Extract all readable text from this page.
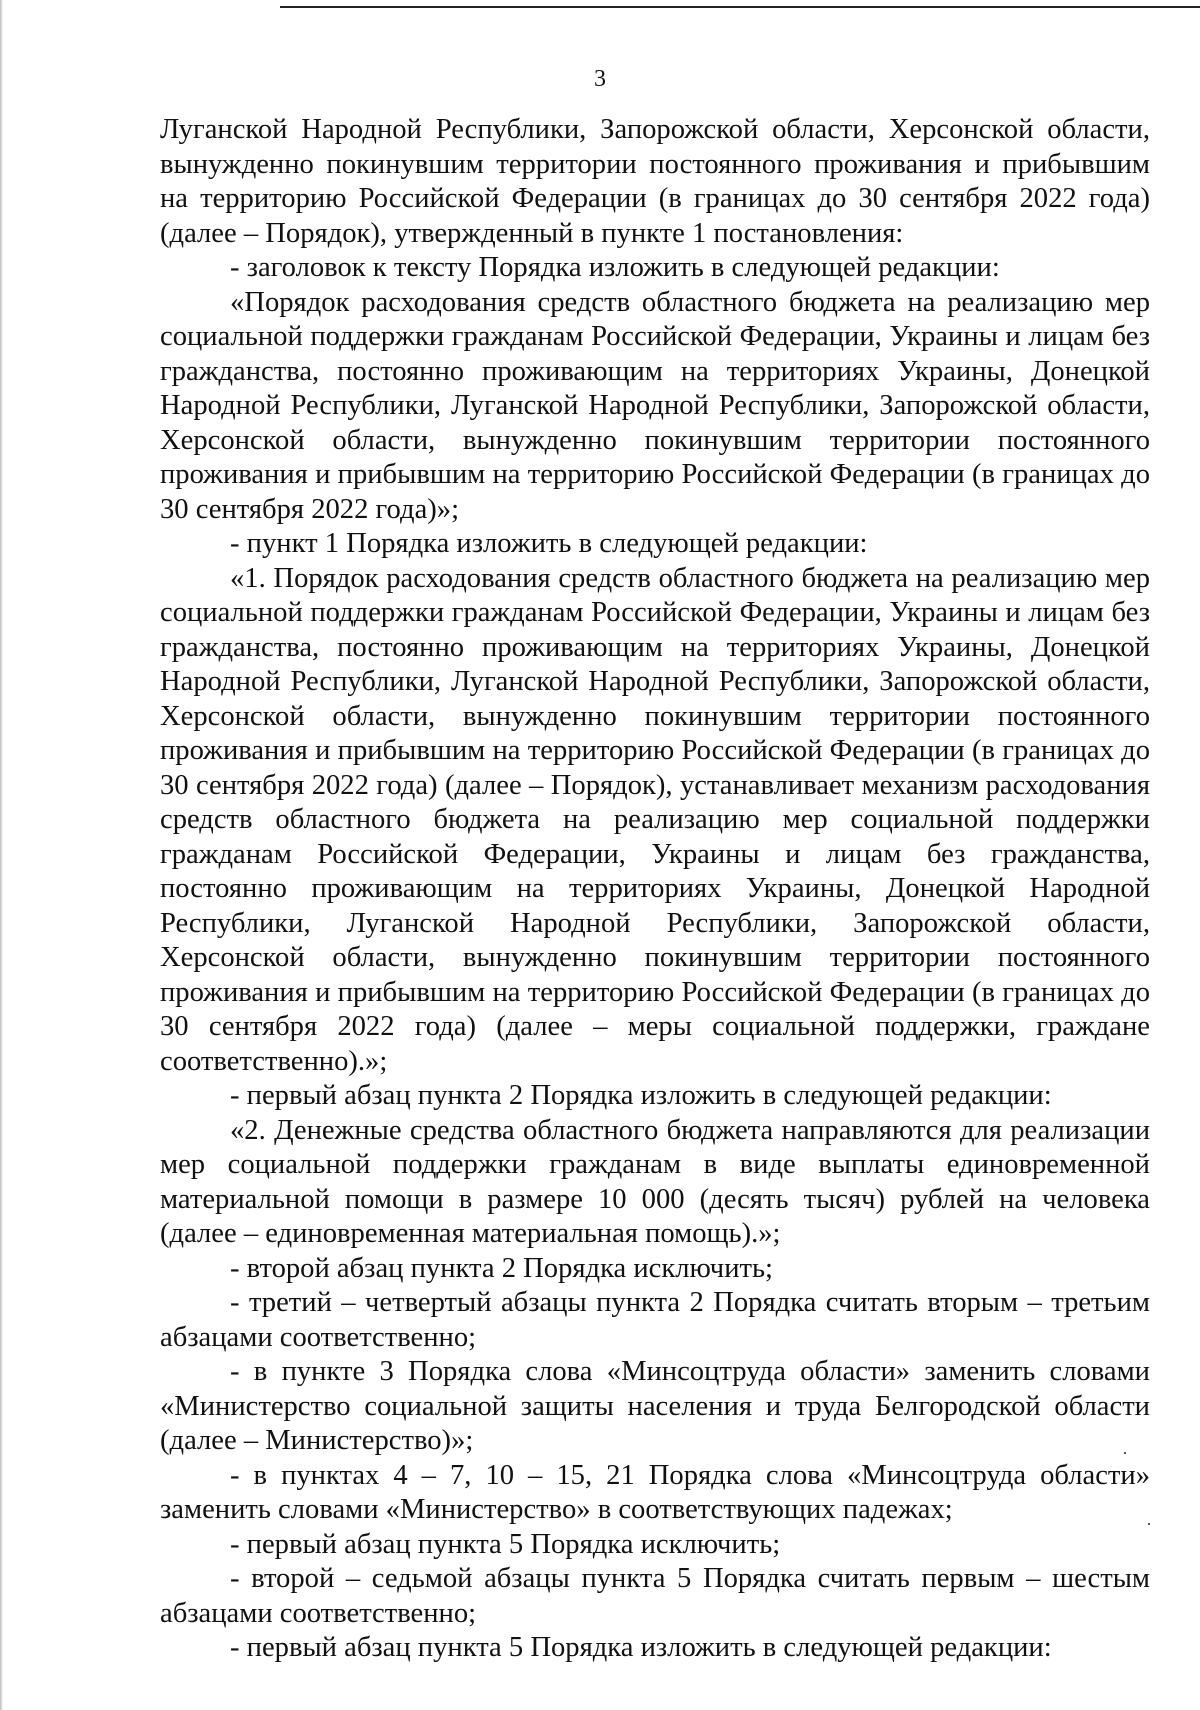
3

Луганской Народной Республики, Запорожской области, Херсонской области, вынужденно покинувшим территории постоянного проживания и прибывшим на территорию Российской Федерации (в границах до 30 сентября 2022 года) (далее – Порядок), утвержденный в пункте 1 постановления:

- заголовок к тексту Порядка изложить в следующей редакции:

«Порядок расходования средств областного бюджета на реализацию мер социальной поддержки гражданам Российской Федерации, Украины и лицам без гражданства, постоянно проживающим на территориях Украины, Донецкой Народной Республики, Луганской Народной Республики, Запорожской области, Херсонской области, вынужденно покинувшим территории постоянного проживания и прибывшим на территорию Российской Федерации (в границах до 30 сентября 2022 года)»;

- пункт 1 Порядка изложить в следующей редакции:

«1. Порядок расходования средств областного бюджета на реализацию мер социальной поддержки гражданам Российской Федерации, Украины и лицам без гражданства, постоянно проживающим на территориях Украины, Донецкой Народной Республики, Луганской Народной Республики, Запорожской области, Херсонской области, вынужденно покинувшим территории постоянного проживания и прибывшим на территорию Российской Федерации (в границах до 30 сентября 2022 года) (далее – Порядок), устанавливает механизм расходования средств областного бюджета на реализацию мер социальной поддержки гражданам Российской Федерации, Украины и лицам без гражданства, постоянно проживающим на территориях Украины, Донецкой Народной Республики, Луганской Народной Республики, Запорожской области, Херсонской области, вынужденно покинувшим территории постоянного проживания и прибывшим на территорию Российской Федерации (в границах до 30 сентября 2022 года) (далее – меры социальной поддержки, граждане соответственно).»;

- первый абзац пункта 2 Порядка изложить в следующей редакции:

«2. Денежные средства областного бюджета направляются для реализации мер социальной поддержки гражданам в виде выплаты единовременной материальной помощи в размере 10 000 (десять тысяч) рублей на человека (далее – единовременная материальная помощь).»;

- второй абзац пункта 2 Порядка исключить;

- третий – четвертый абзацы пункта 2 Порядка считать вторым – третьим абзацами соответственно;

- в пункте 3 Порядка слова «Минсоцтруда области» заменить словами «Министерство социальной защиты населения и труда Белгородской области (далее – Министерство)»;

- в пунктах 4 – 7, 10 – 15, 21 Порядка слова «Минсоцтруда области» заменить словами «Министерство» в соответствующих падежах;

- первый абзац пункта 5 Порядка исключить;

- второй – седьмой абзацы пункта 5 Порядка считать первым – шестым абзацами соответственно;

- первый абзац пункта 5 Порядка изложить в следующей редакции:
